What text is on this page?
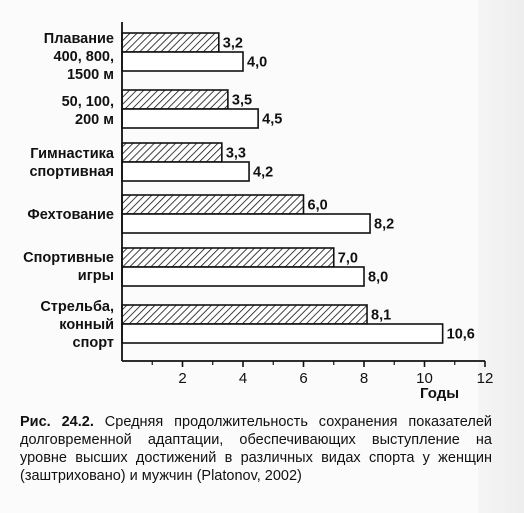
3,2
4,0
3,5
4,5
3,3
4,2
6,0
8,2
7,0
8,0
8,1
10,6
2	4	6	8	10	12
Годы
Плавание
400, 800,
1500 м
50, 100,
200 м
Гимнастика
спортивная
Фехтование
Спортивные
игры
Стрельба,
конный
спорт
Рис. 24.2. Средняя продолжительность сохранения показателей долговременной адаптации, обеспечивающих выступление на уровне высших достижений в различных видах спорта у женщин (заштриховано) и мужчин (Platonov, 2002)
